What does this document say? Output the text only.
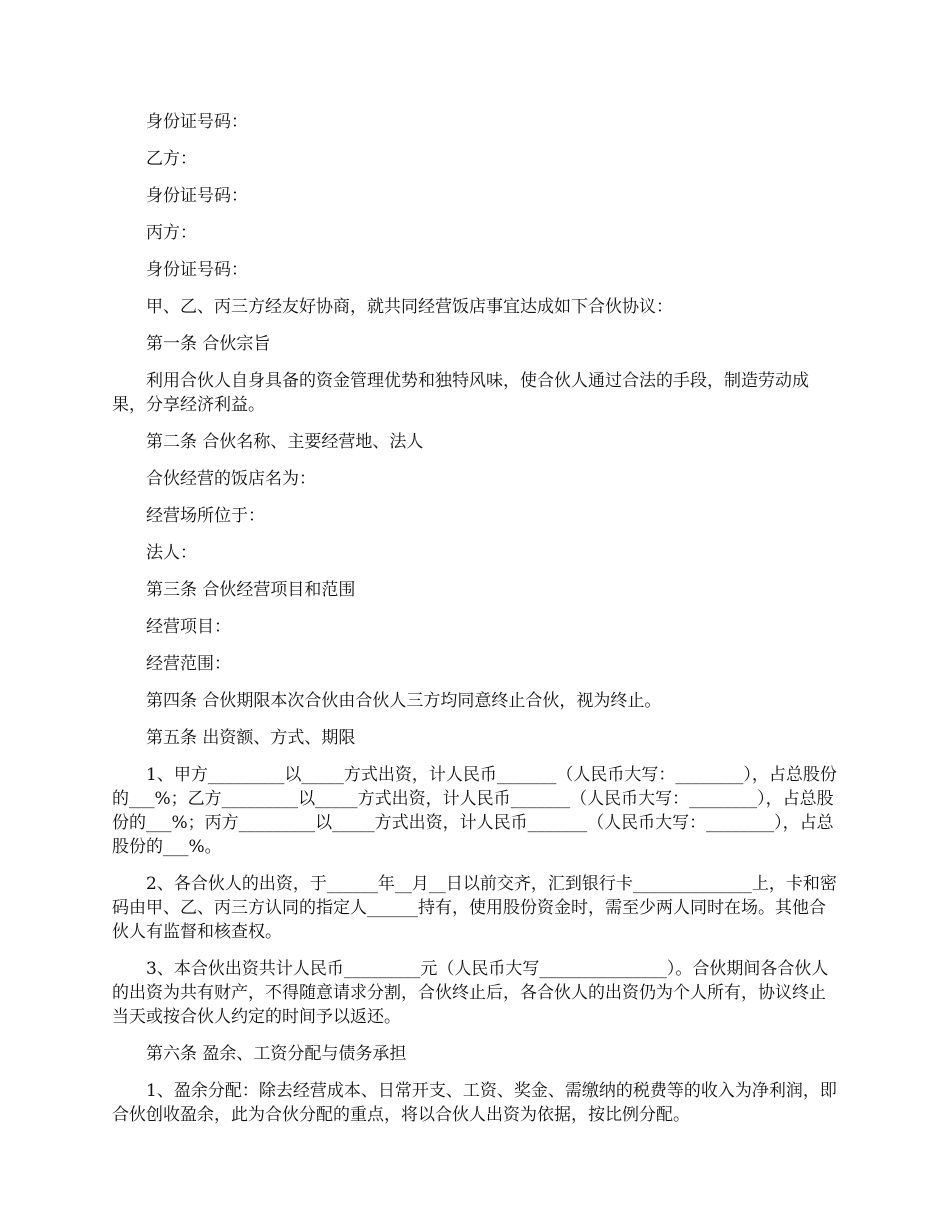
身份证号码：

乙方：

身份证号码：

丙方：

身份证号码：

甲、乙、丙三方经友好协商，就共同经营饭店事宜达成如下合伙协议：

第一条 合伙宗旨

利用合伙人自身具备的资金管理优势和独特风味，使合伙人通过合法的手段，制造劳动成果，分享经济利益。

第二条 合伙名称、主要经营地、法人

合伙经营的饭店名为：

经营场所位于：

法人：

第三条 合伙经营项目和范围

经营项目：

经营范围：

第四条 合伙期限本次合伙由合伙人三方均同意终止合伙，视为终止。

第五条 出资额、方式、期限

1、甲方_________以_____方式出资，计人民币_______（人民币大写：________），占总股份的___%；乙方_________以_____方式出资，计人民币_______（人民币大写：________），占总股份的___%；丙方_________以_____方式出资，计人民币_______（人民币大写：________），占总股份的___%。

2、各合伙人的出资，于______年__月__日以前交齐，汇到银行卡______________上，卡和密码由甲、乙、丙三方认同的指定人______持有，使用股份资金时，需至少两人同时在场。其他合伙人有监督和核查权。

3、本合伙出资共计人民币_________元（人民币大写_______________）。合伙期间各合伙人的出资为共有财产，不得随意请求分割，合伙终止后，各合伙人的出资仍为个人所有，协议终止当天或按合伙人约定的时间予以返还。

第六条 盈余、工资分配与债务承担

1、盈余分配：除去经营成本、日常开支、工资、奖金、需缴纳的税费等的收入为净利润，即合伙创收盈余，此为合伙分配的重点，将以合伙人出资为依据，按比例分配。
